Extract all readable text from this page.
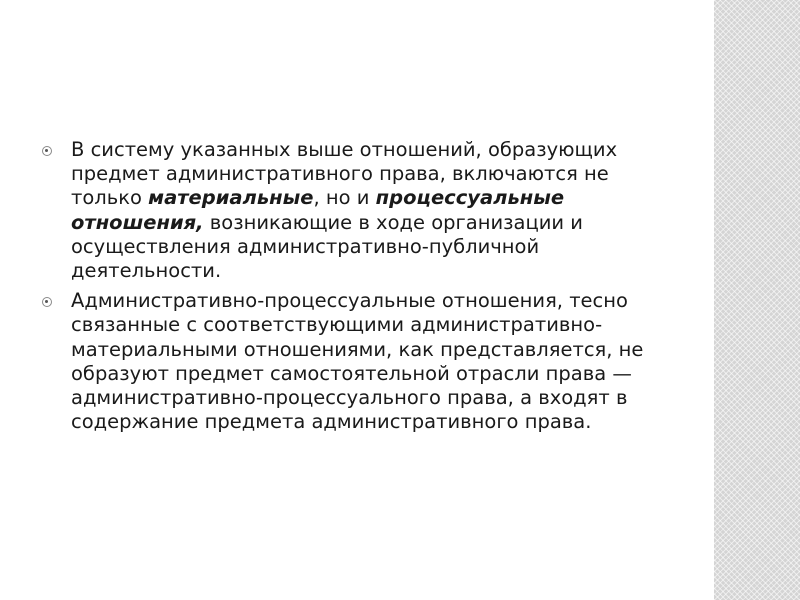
В систему указанных выше отношений, образующих предмет административного права, включаются не только материальные, но и процессуальные отношения, возникающие в ходе организации и осуществления административно-публичной деятельности.
Административно-процессуальные отношения, тесно связанные с соответствующими административно-материальными отношениями, как представляется, не образуют предмет самостоятельной отрасли права — административно-процессуального права, а входят в содержание предмета административного права.
